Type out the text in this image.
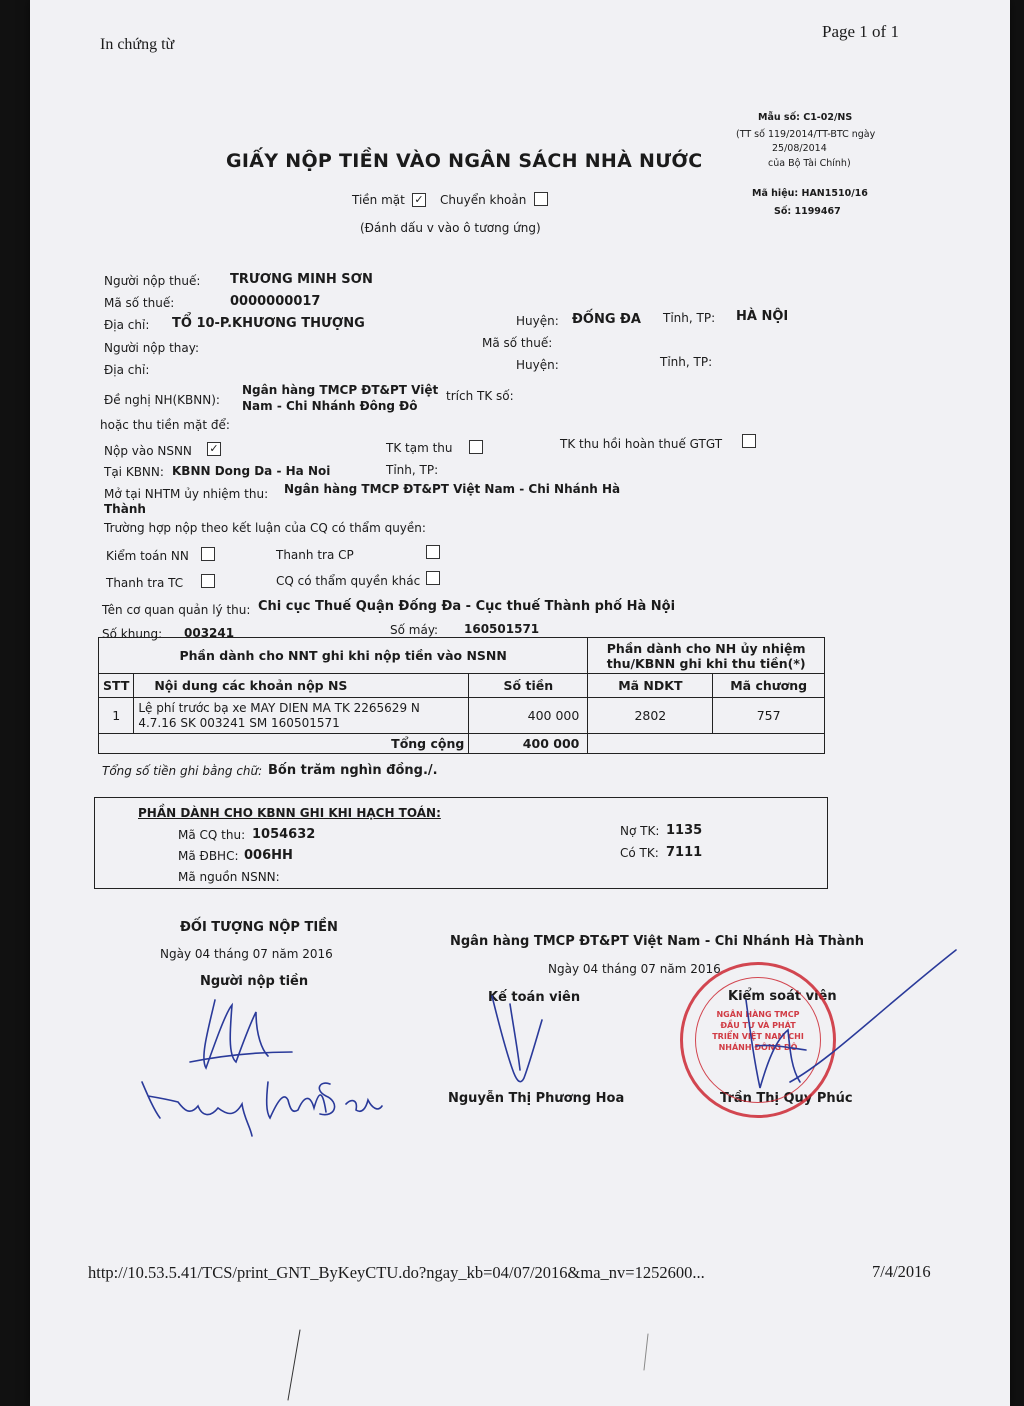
In chứng từ
Page 1 of 1
Mẫu số: C1-02/NS
(TT số 119/2014/TT-BTC ngày
25/08/2014
của Bộ Tài Chính)
Mã hiệu: HAN1510/16
Số: 1199467
GIẤY NỘP TIỀN VÀO NGÂN SÁCH NHÀ NƯỚC
Tiền mặt ✓ Chuyển khoản
(Đánh dấu v vào ô tương ứng)
Người nộp thuế: TRƯƠNG MINH SƠN
Mã số thuế:	0000000017
Địa chỉ: TỔ 10-P.KHƯƠNG THƯỢNG	Huyện: ĐỐNG ĐA Tỉnh, TP: HÀ NỘI
Người nộp thay:	Mã số thuế:
Huyện:	Tỉnh, TP:
Địa chỉ:
Đề nghị NH(KBNN):
Ngân hàng TMCP ĐT&PT Việt
Nam - Chi Nhánh Đông Đô
trích TK số:
hoặc thu tiền mặt để:
Nộp vào NSNN ✓	TK tạm thu	TK thu hồi hoàn thuế GTGT
Tại KBNN: KBNN Dong Da - Ha Noi	Tỉnh, TP:
Mở tại NHTM ủy nhiệm thu: Ngân hàng TMCP ĐT&PT Việt Nam - Chi Nhánh Hà
Thành
Trường hợp nộp theo kết luận của CQ có thẩm quyền:
Kiểm toán NN	Thanh tra CP
Thanh tra TC	CQ có thẩm quyền khác
Tên cơ quan quản lý thu: Chi cục Thuế Quận Đống Đa - Cục thuế Thành phố Hà Nội
Số khung: 003241	Số máy: 160501571
Phần dành cho NNT ghi khi nộp tiền vào NSNN			Phần dành cho NH ủy nhiệm
thu/KBNN ghi khi thu tiền(*)	

STT	Nội dung các khoản nộp NS	Số tiền	Mã NDKT	Mã chương
1	Lệ phí trước bạ xe MAY DIEN MA TK 2265629 N
4.7.16 SK 003241 SM 160501571	400 000	2802	757
Tổng cộng		400 000		
Tổng số tiền ghi bằng chữ: Bốn trăm nghìn đồng./.
PHẦN DÀNH CHO KBNN GHI KHI HẠCH TOÁN:
Mã CQ thu: 1054632
Mã ĐBHC: 006HH
Mã nguồn NSNN:
Nợ TK: 1135
Có TK: 7111
ĐỐI TƯỢNG NỘP TIỀN
Ngày 04 tháng 07 năm 2016
Người nộp tiền
Ngân hàng TMCP ĐT&PT Việt Nam - Chi Nhánh Hà Thành
Ngày 04 tháng 07 năm 2016
Kế toán viên	Kiểm soát viên
Nguyễn Thị Phương Hoa	Trần Thị Quy Phúc
NGÂN HÀNG TMCP ĐẦU TƯ VÀ PHÁT TRIỂN VIỆT NAM CHI NHÁNH ĐÔNG ĐÔ
http://10.53.5.41/TCS/print_GNT_ByKeyCTU.do?ngay_kb=04/07/2016&ma_nv=1252600...	7/4/2016
